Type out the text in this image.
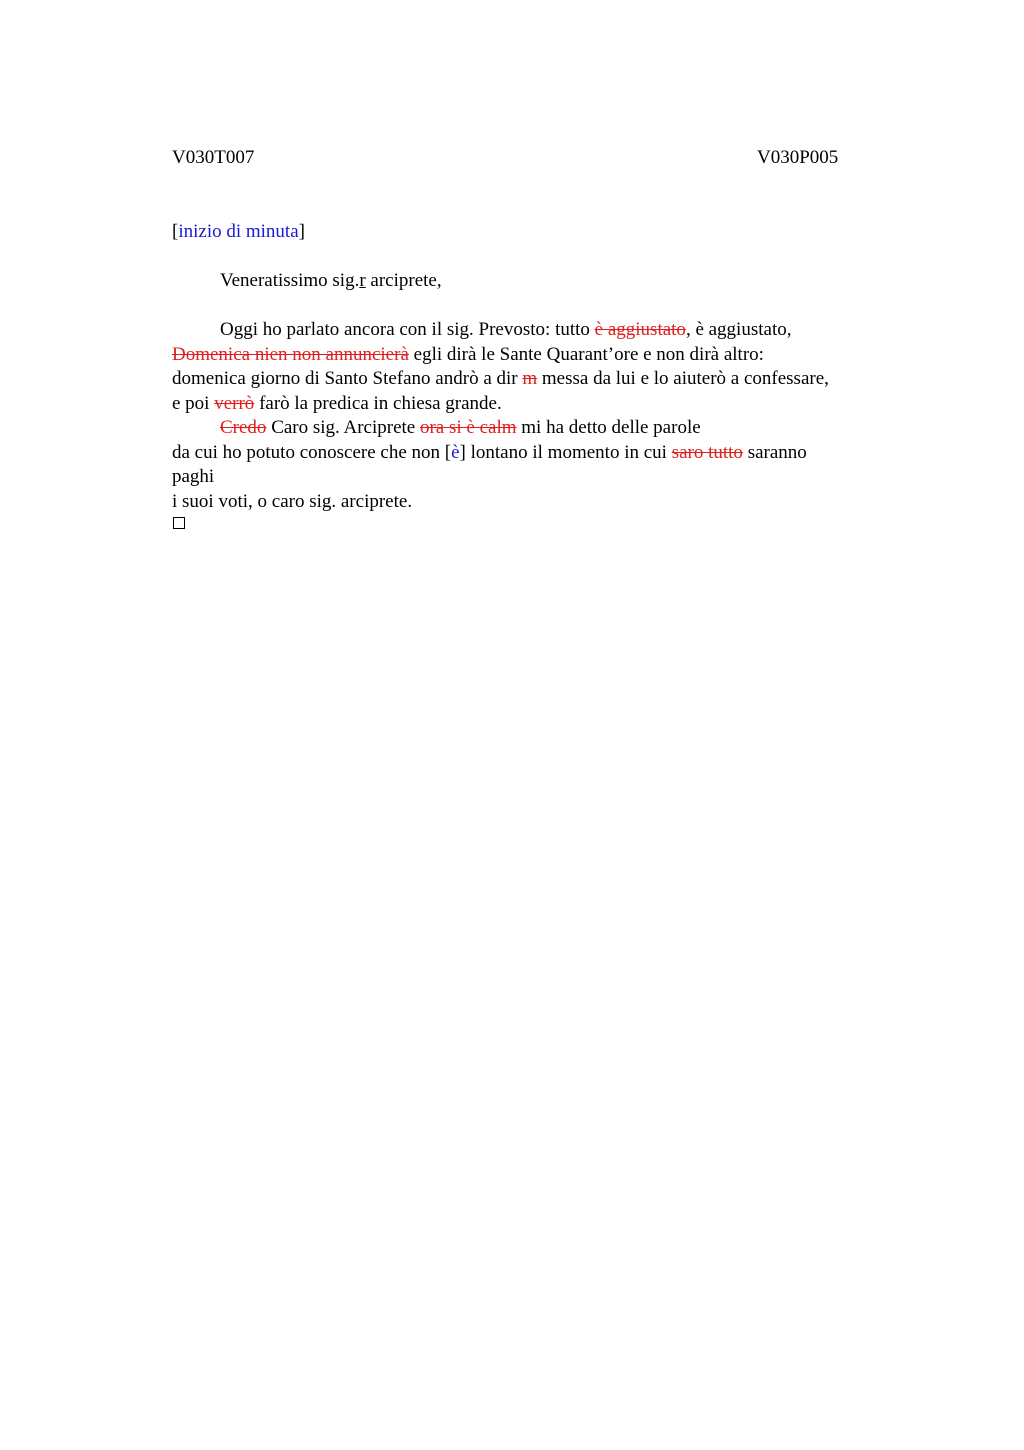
V030T007	V030P005
[inizio di minuta]
Veneratissimo sig.r arciprete,
Oggi ho parlato ancora con il sig. Prevosto: tutto è aggiustato, è aggiustato,
Domenica nien non annuncierà egli dirà le Sante Quarant’ore e non dirà altro:
domenica giorno di Santo Stefano andrò a dir m messa da lui e lo aiuterò a confessare,
e poi verrò farò la predica in chiesa grande.
Credo Caro sig. Arciprete ora si è calm mi ha detto delle parole
da cui ho potuto conoscere che non [è] lontano il momento in cui saro tutto saranno
paghi
i suoi voti, o caro sig. arciprete.
